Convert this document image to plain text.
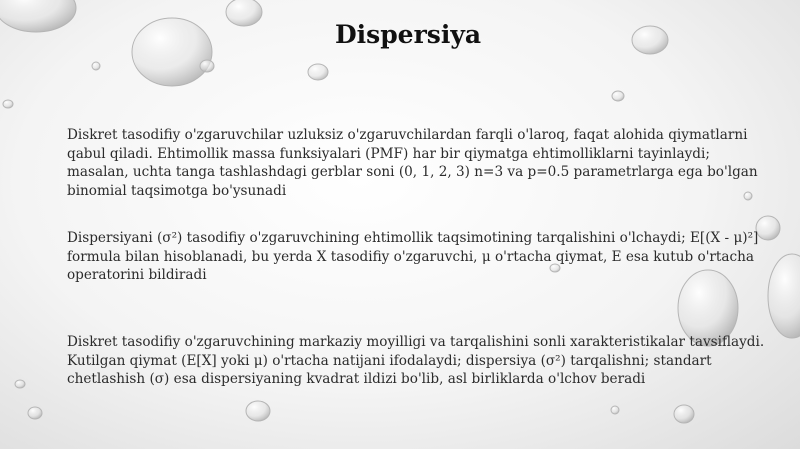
Dispersiya

Diskret tasodifiy o'zgaruvchilar uzluksiz o'zgaruvchilardan farqli o'laroq, faqat alohida qiymatlarni qabul qiladi. Ehtimollik massa funksiyalari (PMF) har bir qiymatga ehtimolliklarni tayinlaydi; masalan, uchta tanga tashlashdagi gerblar soni (0, 1, 2, 3) n=3 va p=0.5 parametrlarga ega bo'lgan binomial taqsimotga bo'ysunadi

Dispersiyani (σ²) tasodifiy o'zgaruvchining ehtimollik taqsimotining tarqalishini o'lchaydi; E[(X - μ)²] formula bilan hisoblanadi, bu yerda X tasodifiy o'zgaruvchi, μ o'rtacha qiymat, E esa kutub o'rtacha operatorini bildiradi

Diskret tasodifiy o'zgaruvchining markaziy moyilligi va tarqalishini sonli xarakteristikalar tavsiflaydi. Kutilgan qiymat (E[X] yoki μ) o'rtacha natijani ifodalaydi; dispersiya (σ²) tarqalishni; standart chetlashish (σ) esa dispersiyaning kvadrat ildizi bo'lib, asl birliklarda o'lchov beradi
